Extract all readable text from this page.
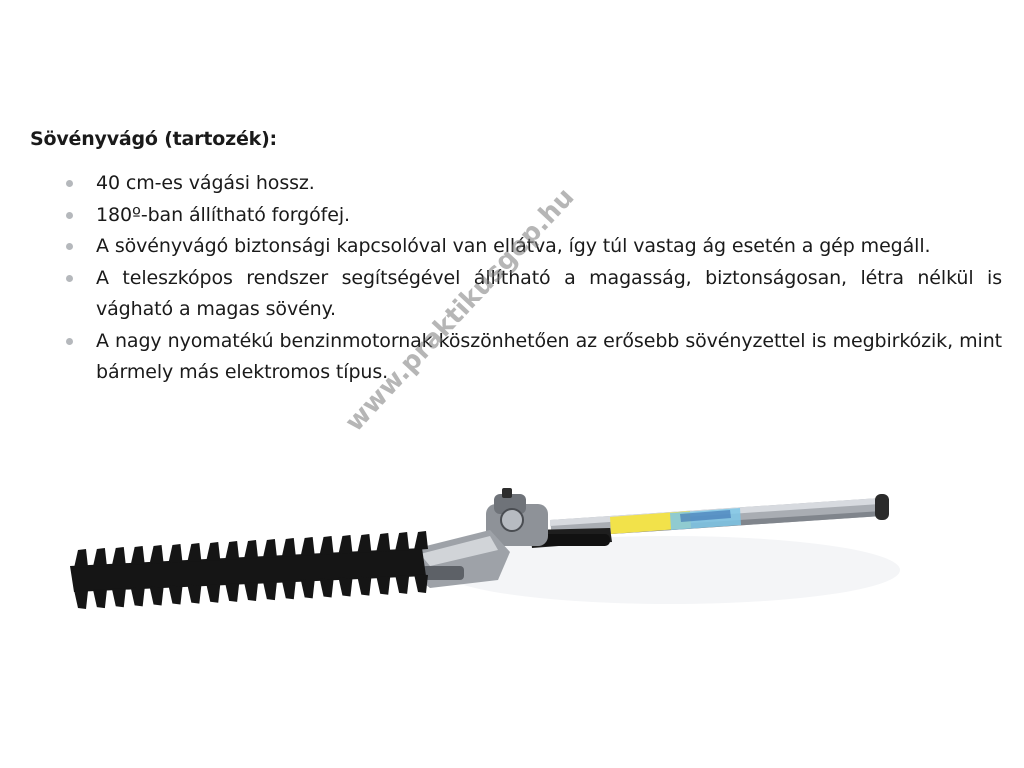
Sövényvágó (tartozék):
40 cm-es vágási hossz.
180º-ban állítható forgófej.
A sövényvágó biztonsági kapcsolóval van ellátva, így túl vastag ág esetén a gép megáll.
A teleszkópos rendszer segítségével állítható a magasság, biztonságosan, létra nélkül is vágható a magas sövény.
A nagy nyomatékú benzinmotornak köszönhetően az erősebb sövényzettel is megbirkózik, mint bármely más elektromos típus.
www.praktikusgep.hu
